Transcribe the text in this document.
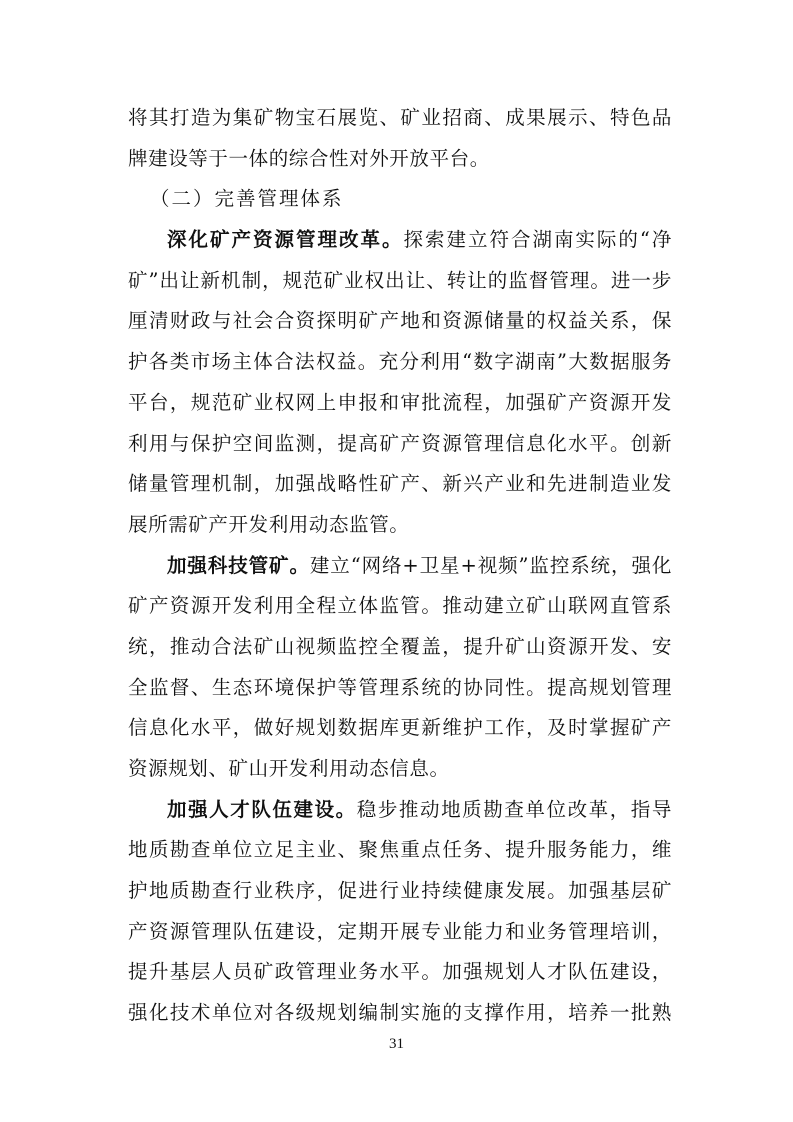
将其打造为集矿物宝石展览、矿业招商、成果展示、特色品
牌建设等于一体的综合性对外开放平台。
（二）完善管理体系
深化矿产资源管理改革。探索建立符合湖南实际的“净
矿”出让新机制，规范矿业权出让、转让的监督管理。进一步
厘清财政与社会合资探明矿产地和资源储量的权益关系，保
护各类市场主体合法权益。充分利用“数字湖南”大数据服务
平台，规范矿业权网上申报和审批流程，加强矿产资源开发
利用与保护空间监测，提高矿产资源管理信息化水平。创新
储量管理机制，加强战略性矿产、新兴产业和先进制造业发
展所需矿产开发利用动态监管。
加强科技管矿。建立“网络+卫星+视频”监控系统，强化
矿产资源开发利用全程立体监管。推动建立矿山联网直管系
统，推动合法矿山视频监控全覆盖，提升矿山资源开发、安
全监督、生态环境保护等管理系统的协同性。提高规划管理
信息化水平，做好规划数据库更新维护工作，及时掌握矿产
资源规划、矿山开发利用动态信息。
加强人才队伍建设。稳步推动地质勘查单位改革，指导
地质勘查单位立足主业、聚焦重点任务、提升服务能力，维
护地质勘查行业秩序，促进行业持续健康发展。加强基层矿
产资源管理队伍建设，定期开展专业能力和业务管理培训，
提升基层人员矿政管理业务水平。加强规划人才队伍建设，
强化技术单位对各级规划编制实施的支撑作用，培养一批熟
31
